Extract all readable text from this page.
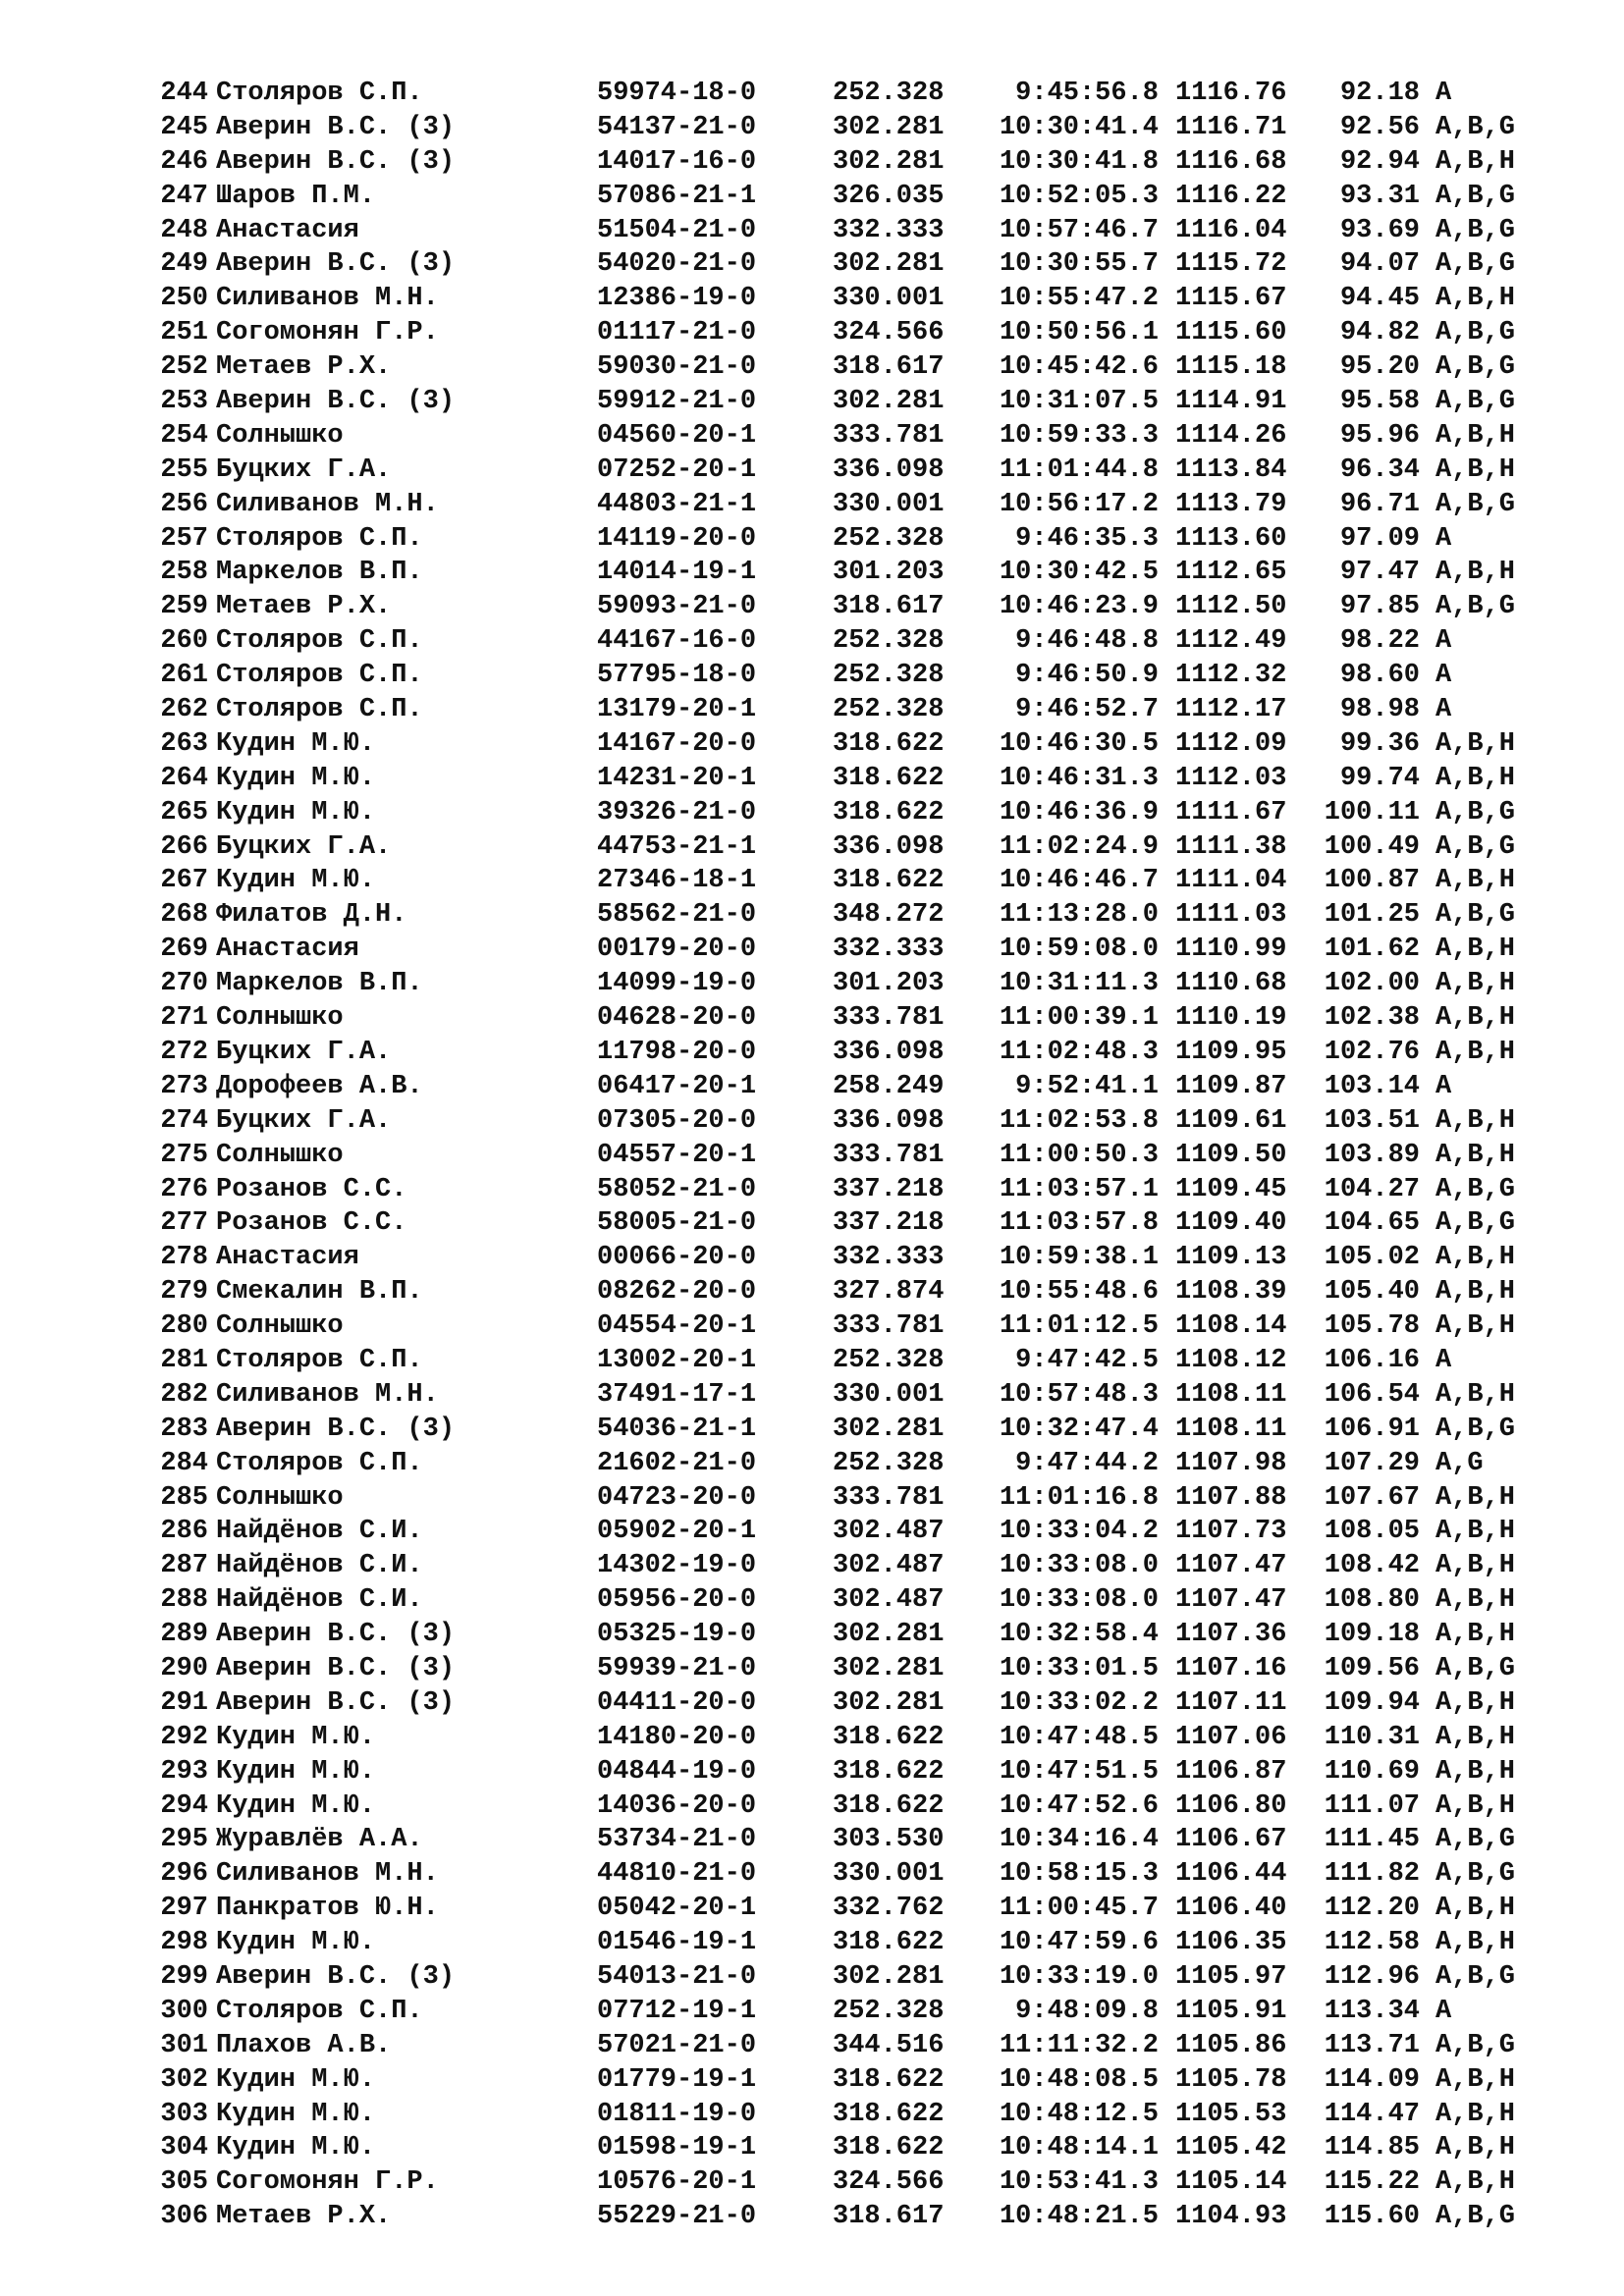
244 Столяров С.П.	59974-18-0	252.328	9:45:56.8 1116.76	92.18 A
245 Аверин В.С. (3)	54137-21-0	302.281	10:30:41.4 1116.71	92.56 A,B,G
246 Аверин В.С. (3)	14017-16-0	302.281	10:30:41.8 1116.68	92.94 A,B,H
247 Шаров П.М.	57086-21-1	326.035	10:52:05.3 1116.22	93.31 A,B,G
248 Анастасия	51504-21-0	332.333	10:57:46.7 1116.04	93.69 A,B,G
249 Аверин В.С. (3)	54020-21-0	302.281	10:30:55.7 1115.72	94.07 A,B,G
250 Силиванов М.Н.	12386-19-0	330.001	10:55:47.2 1115.67	94.45 A,B,H
251 Согомонян Г.Р.	01117-21-0	324.566	10:50:56.1 1115.60	94.82 A,B,G
252 Метаев Р.Х.	59030-21-0	318.617	10:45:42.6 1115.18	95.20 A,B,G
253 Аверин В.С. (3)	59912-21-0	302.281	10:31:07.5 1114.91	95.58 A,B,G
254 Солнышко	04560-20-1	333.781	10:59:33.3 1114.26	95.96 A,B,H
255 Буцких Г.А.	07252-20-1	336.098	11:01:44.8 1113.84	96.34 A,B,H
256 Силиванов М.Н.	44803-21-1	330.001	10:56:17.2 1113.79	96.71 A,B,G
257 Столяров С.П.	14119-20-0	252.328	9:46:35.3 1113.60	97.09 A
258 Маркелов В.П.	14014-19-1	301.203	10:30:42.5 1112.65	97.47 A,B,H
259 Метаев Р.Х.	59093-21-0	318.617	10:46:23.9 1112.50	97.85 A,B,G
260 Столяров С.П.	44167-16-0	252.328	9:46:48.8 1112.49	98.22 A
261 Столяров С.П.	57795-18-0	252.328	9:46:50.9 1112.32	98.60 A
262 Столяров С.П.	13179-20-1	252.328	9:46:52.7 1112.17	98.98 A
263 Кудин М.Ю.	14167-20-0	318.622	10:46:30.5 1112.09	99.36 A,B,H
264 Кудин М.Ю.	14231-20-1	318.622	10:46:31.3 1112.03	99.74 A,B,H
265 Кудин М.Ю.	39326-21-0	318.622	10:46:36.9 1111.67 100.11 A,B,G
266 Буцких Г.А.	44753-21-1	336.098	11:02:24.9 1111.38 100.49 A,B,G
267 Кудин М.Ю.	27346-18-1	318.622	10:46:46.7 1111.04 100.87 A,B,H
268 Филатов Д.Н.	58562-21-0	348.272	11:13:28.0 1111.03 101.25 A,B,G
269 Анастасия	00179-20-0	332.333	10:59:08.0 1110.99 101.62 A,B,H
270 Маркелов В.П.	14099-19-0	301.203	10:31:11.3 1110.68 102.00 A,B,H
271 Солнышко	04628-20-0	333.781	11:00:39.1 1110.19 102.38 A,B,H
272 Буцких Г.А.	11798-20-0	336.098	11:02:48.3 1109.95 102.76 A,B,H
273 Дорофеев А.В.	06417-20-1	258.249	9:52:41.1 1109.87 103.14 A
274 Буцких Г.А.	07305-20-0	336.098	11:02:53.8 1109.61 103.51 A,B,H
275 Солнышко	04557-20-1	333.781	11:00:50.3 1109.50 103.89 A,B,H
276 Розанов С.С.	58052-21-0	337.218	11:03:57.1 1109.45 104.27 A,B,G
277 Розанов С.С.	58005-21-0	337.218	11:03:57.8 1109.40 104.65 A,B,G
278 Анастасия	00066-20-0	332.333	10:59:38.1 1109.13 105.02 A,B,H
279 Смекалин В.П.	08262-20-0	327.874	10:55:48.6 1108.39 105.40 A,B,H
280 Солнышко	04554-20-1	333.781	11:01:12.5 1108.14 105.78 A,B,H
281 Столяров С.П.	13002-20-1	252.328	9:47:42.5 1108.12 106.16 A
282 Силиванов М.Н.	37491-17-1	330.001	10:57:48.3 1108.11 106.54 A,B,H
283 Аверин В.С. (3)	54036-21-1	302.281	10:32:47.4 1108.11 106.91 A,B,G
284 Столяров С.П.	21602-21-0	252.328	9:47:44.2 1107.98 107.29 A,G
285 Солнышко	04723-20-0	333.781	11:01:16.8 1107.88 107.67 A,B,H
286 Найдёнов С.И.	05902-20-1	302.487	10:33:04.2 1107.73 108.05 A,B,H
287 Найдёнов С.И.	14302-19-0	302.487	10:33:08.0 1107.47 108.42 A,B,H
288 Найдёнов С.И.	05956-20-0	302.487	10:33:08.0 1107.47 108.80 A,B,H
289 Аверин В.С. (3)	05325-19-0	302.281	10:32:58.4 1107.36 109.18 A,B,H
290 Аверин В.С. (3)	59939-21-0	302.281	10:33:01.5 1107.16 109.56 A,B,G
291 Аверин В.С. (3)	04411-20-0	302.281	10:33:02.2 1107.11 109.94 A,B,H
292 Кудин М.Ю.	14180-20-0	318.622	10:47:48.5 1107.06 110.31 A,B,H
293 Кудин М.Ю.	04844-19-0	318.622	10:47:51.5 1106.87 110.69 A,B,H
294 Кудин М.Ю.	14036-20-0	318.622	10:47:52.6 1106.80 111.07 A,B,H
295 Журавлёв А.А.	53734-21-0	303.530	10:34:16.4 1106.67 111.45 A,B,G
296 Силиванов М.Н.	44810-21-0	330.001	10:58:15.3 1106.44 111.82 A,B,G
297 Панкратов Ю.Н.	05042-20-1	332.762	11:00:45.7 1106.40 112.20 A,B,H
298 Кудин М.Ю.	01546-19-1	318.622	10:47:59.6 1106.35 112.58 A,B,H
299 Аверин В.С. (3)	54013-21-0	302.281	10:33:19.0 1105.97 112.96 A,B,G
300 Столяров С.П.	07712-19-1	252.328	9:48:09.8 1105.91 113.34 A
301 Плахов А.В.	57021-21-0	344.516	11:11:32.2 1105.86 113.71 A,B,G
302 Кудин М.Ю.	01779-19-1	318.622	10:48:08.5 1105.78 114.09 A,B,H
303 Кудин М.Ю.	01811-19-0	318.622	10:48:12.5 1105.53 114.47 A,B,H
304 Кудин М.Ю.	01598-19-1	318.622	10:48:14.1 1105.42 114.85 A,B,H
305 Согомонян Г.Р.	10576-20-1	324.566	10:53:41.3 1105.14 115.22 A,B,H
306 Метаев Р.Х.	55229-21-0	318.617	10:48:21.5 1104.93 115.60 A,B,G
